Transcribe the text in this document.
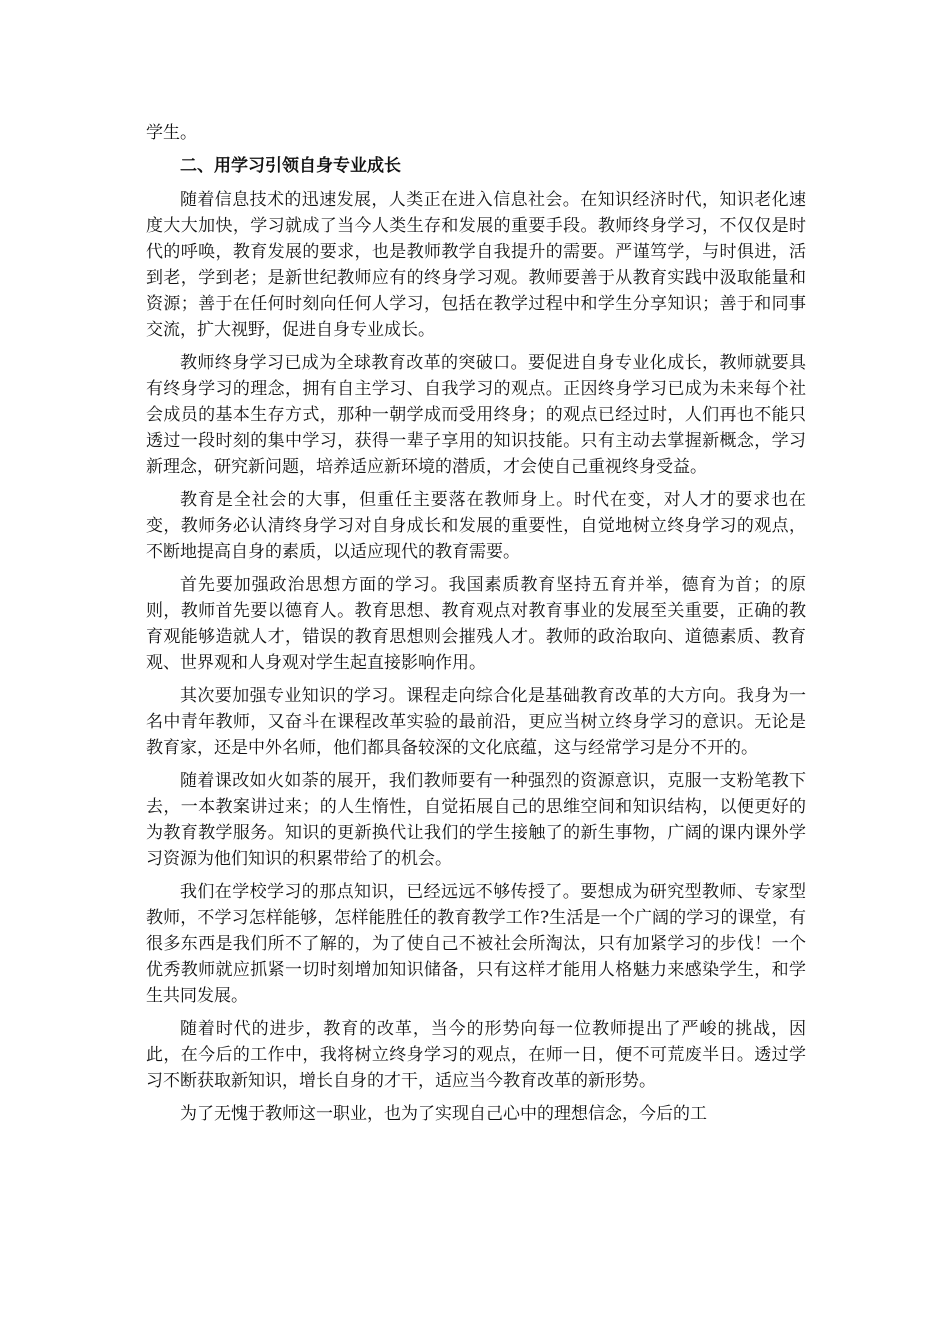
学生。

二、用学习引领自身专业成长

随着信息技术的迅速发展，人类正在进入信息社会。在知识经济时代，知识老化速度大大加快，学习就成了当今人类生存和发展的重要手段。教师终身学习，不仅仅是时代的呼唤，教育发展的要求，也是教师教学自我提升的需要。严谨笃学，与时俱进，活到老，学到老；是新世纪教师应有的终身学习观。教师要善于从教育实践中汲取能量和资源；善于在任何时刻向任何人学习，包括在教学过程中和学生分享知识；善于和同事交流，扩大视野，促进自身专业成长。

教师终身学习已成为全球教育改革的突破口。要促进自身专业化成长，教师就要具有终身学习的理念，拥有自主学习、自我学习的观点。正因终身学习已成为未来每个社会成员的基本生存方式，那种一朝学成而受用终身；的观点已经过时，人们再也不能只透过一段时刻的集中学习，获得一辈子享用的知识技能。只有主动去掌握新概念，学习新理念，研究新问题，培养适应新环境的潜质，才会使自己重视终身受益。

教育是全社会的大事，但重任主要落在教师身上。时代在变，对人才的要求也在变，教师务必认清终身学习对自身成长和发展的重要性，自觉地树立终身学习的观点，不断地提高自身的素质，以适应现代的教育需要。

首先要加强政治思想方面的学习。我国素质教育坚持五育并举，德育为首；的原则，教师首先要以德育人。教育思想、教育观点对教育事业的发展至关重要，正确的教育观能够造就人才，错误的教育思想则会摧残人才。教师的政治取向、道德素质、教育观、世界观和人身观对学生起直接影响作用。

其次要加强专业知识的学习。课程走向综合化是基础教育改革的大方向。我身为一名中青年教师，又奋斗在课程改革实验的最前沿，更应当树立终身学习的意识。无论是教育家，还是中外名师，他们都具备较深的文化底蕴，这与经常学习是分不开的。

随着课改如火如荼的展开，我们教师要有一种强烈的资源意识，克服一支粉笔教下去，一本教案讲过来；的人生惰性，自觉拓展自己的思维空间和知识结构，以便更好的为教育教学服务。知识的更新换代让我们的学生接触了的新生事物，广阔的课内课外学习资源为他们知识的积累带给了的机会。

我们在学校学习的那点知识，已经远远不够传授了。要想成为研究型教师、专家型教师，不学习怎样能够，怎样能胜任的教育教学工作?生活是一个广阔的学习的课堂，有很多东西是我们所不了解的，为了使自己不被社会所淘汰，只有加紧学习的步伐！一个优秀教师就应抓紧一切时刻增加知识储备，只有这样才能用人格魅力来感染学生，和学生共同发展。

随着时代的进步，教育的改革，当今的形势向每一位教师提出了严峻的挑战，因此，在今后的工作中，我将树立终身学习的观点，在师一日，便不可荒废半日。透过学习不断获取新知识，增长自身的才干，适应当今教育改革的新形势。

为了无愧于教师这一职业，也为了实现自己心中的理想信念，今后的工
